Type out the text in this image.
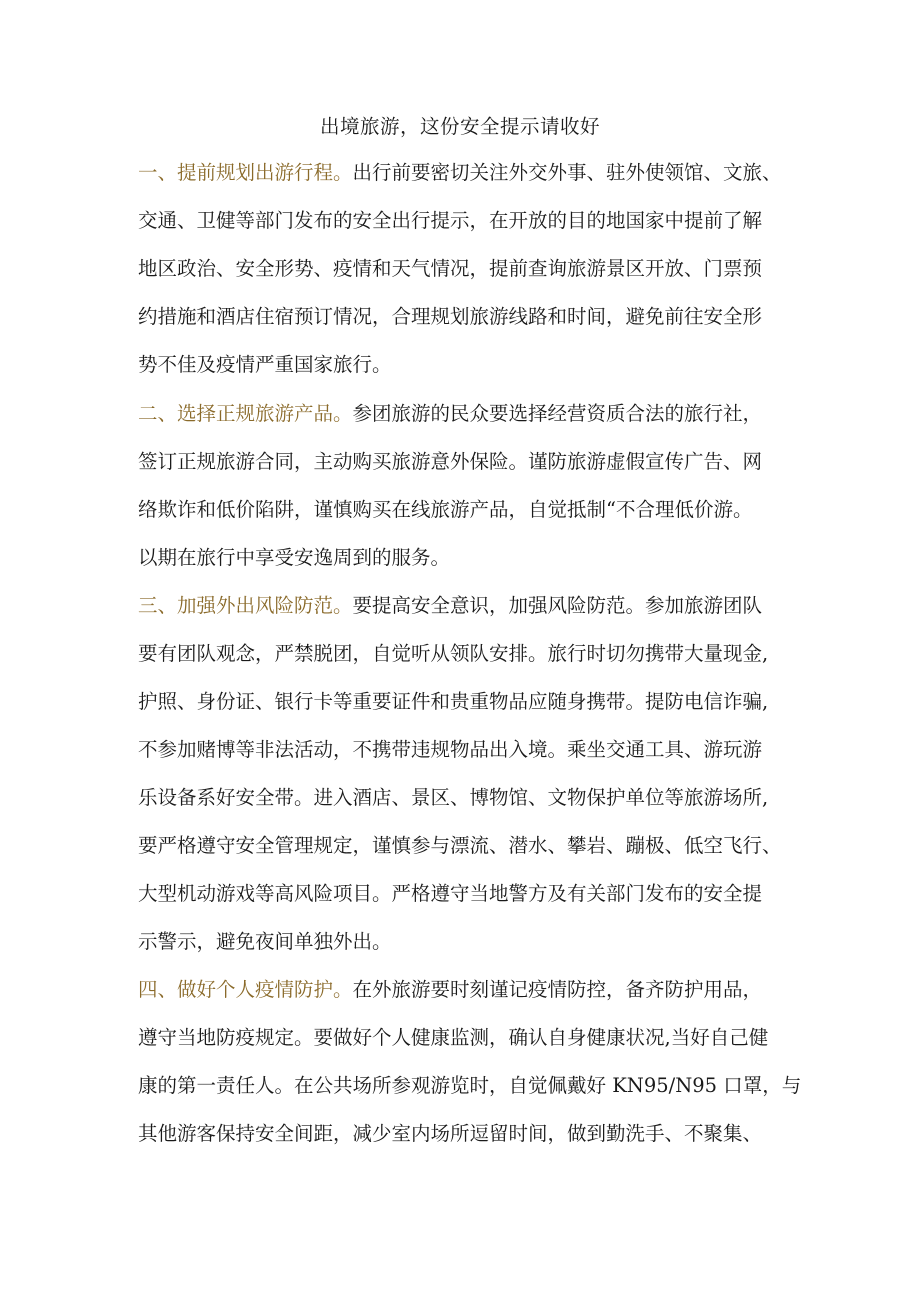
出境旅游，这份安全提示请收好
一、提前规划出游行程。出行前要密切关注外交外事、驻外使领馆、文旅、
交通、卫健等部门发布的安全出行提示，在开放的目的地国家中提前了解
地区政治、安全形势、疫情和天气情况，提前查询旅游景区开放、门票预
约措施和酒店住宿预订情况，合理规划旅游线路和时间，避免前往安全形
势不佳及疫情严重国家旅行。
二、选择正规旅游产品。参团旅游的民众要选择经营资质合法的旅行社，
签订正规旅游合同，主动购买旅游意外保险。谨防旅游虚假宣传广告、网
络欺诈和低价陷阱，谨慎购买在线旅游产品，自觉抵制“不合理低价游。
以期在旅行中享受安逸周到的服务。
三、加强外出风险防范。要提高安全意识，加强风险防范。参加旅游团队
要有团队观念，严禁脱团，自觉听从领队安排。旅行时切勿携带大量现金,
护照、身份证、银行卡等重要证件和贵重物品应随身携带。提防电信诈骗,
不参加赌博等非法活动，不携带违规物品出入境。乘坐交通工具、游玩游
乐设备系好安全带。进入酒店、景区、博物馆、文物保护单位等旅游场所,
要严格遵守安全管理规定，谨慎参与漂流、潜水、攀岩、蹦极、低空飞行、
大型机动游戏等高风险项目。严格遵守当地警方及有关部门发布的安全提
示警示，避免夜间单独外出。
四、做好个人疫情防护。在外旅游要时刻谨记疫情防控，备齐防护用品，
遵守当地防疫规定。要做好个人健康监测，确认自身健康状况,当好自己健
康的第一责任人。在公共场所参观游览时，自觉佩戴好 KN95/N95 口罩，与
其他游客保持安全间距，减少室内场所逗留时间，做到勤洗手、不聚集、
